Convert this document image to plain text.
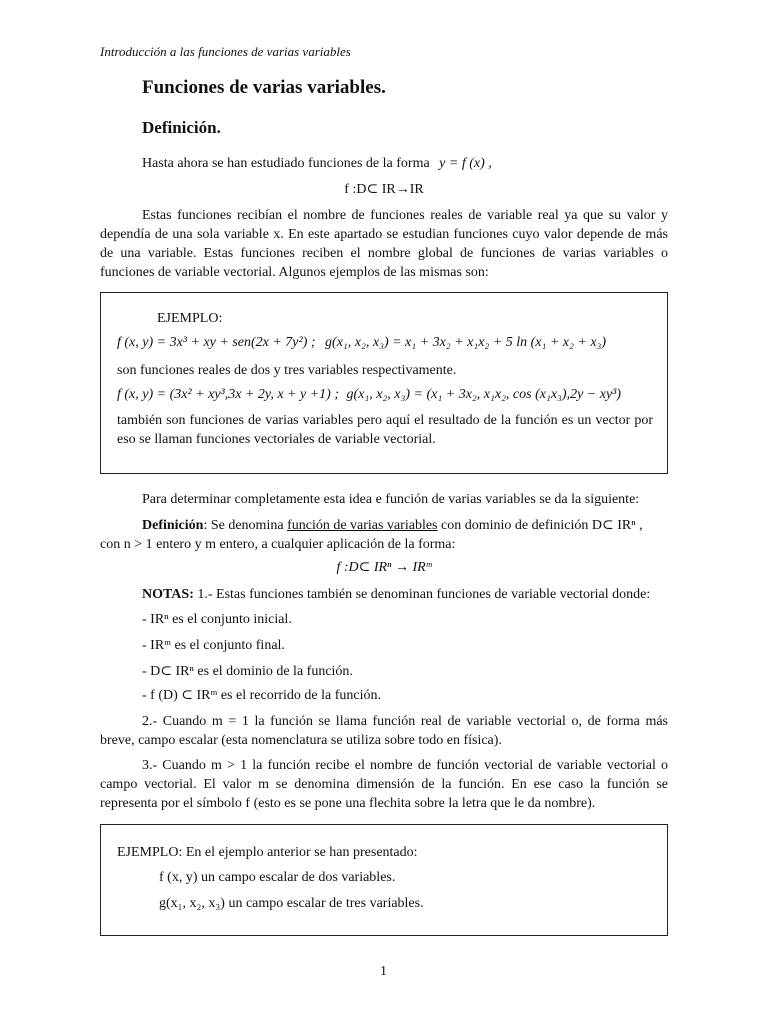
Introducción a las funciones de varias variables
Funciones de varias variables.
Definición.
Hasta ahora se han estudiado funciones de la forma y = f (x) ,
f :D⊂ IR→IR
Estas funciones recibían el nombre de funciones reales de variable real ya que su valor y dependía de una sola variable x. En este apartado se estudian funciones cuyo valor depende de más de una variable. Estas funciones reciben el nombre global de funciones de varias variables o funciones de variable vectorial. Algunos ejemplos de las mismas son:
EJEMPLO:
f (x, y) = 3x³ + xy + sen(2x + 7y²) ; g(x₁, x₂, x₃) = x₁ + 3x₂ + x₁x₂ + 5 ln (x₁ + x₂ + x₃)
son funciones reales de dos y tres variables respectivamente.
f (x, y) = (3x² + xy³,3x + 2y, x + y +1) ; g(x₁, x₂, x₃) = (x₁ + 3x₂, x₁x₂, cos (x₁x₃),2y − xy³)
también son funciones de varias variables pero aquí el resultado de la función es un vector por eso se llaman funciones vectoriales de variable vectorial.
Para determinar completamente esta idea e función de varias variables se da la siguiente:
Definición: Se denomina función de varias variables con dominio de definición D⊂ IRⁿ ,
con n > 1 entero y m entero, a cualquier aplicación de la forma:
f :D⊂ IRⁿ → IRᵐ
NOTAS: 1.- Estas funciones también se denominan funciones de variable vectorial donde:
- IRⁿ es el conjunto inicial.
- IRᵐ es el conjunto final.
- D⊂ IRⁿ es el dominio de la función.
- f (D) ⊂ IRᵐ es el recorrido de la función.
2.- Cuando m = 1 la función se llama función real de variable vectorial o, de forma más breve, campo escalar (esta nomenclatura se utiliza sobre todo en física).
3.- Cuando m > 1 la función recibe el nombre de función vectorial de variable vectorial o campo vectorial. El valor m se denomina dimensión de la función. En ese caso la función se representa por el símbolo f (esto es se pone una flechita sobre la letra que le da nombre).
EJEMPLO: En el ejemplo anterior se han presentado:
f (x, y) un campo escalar de dos variables.
g(x₁, x₂, x₃) un campo escalar de tres variables.
1
